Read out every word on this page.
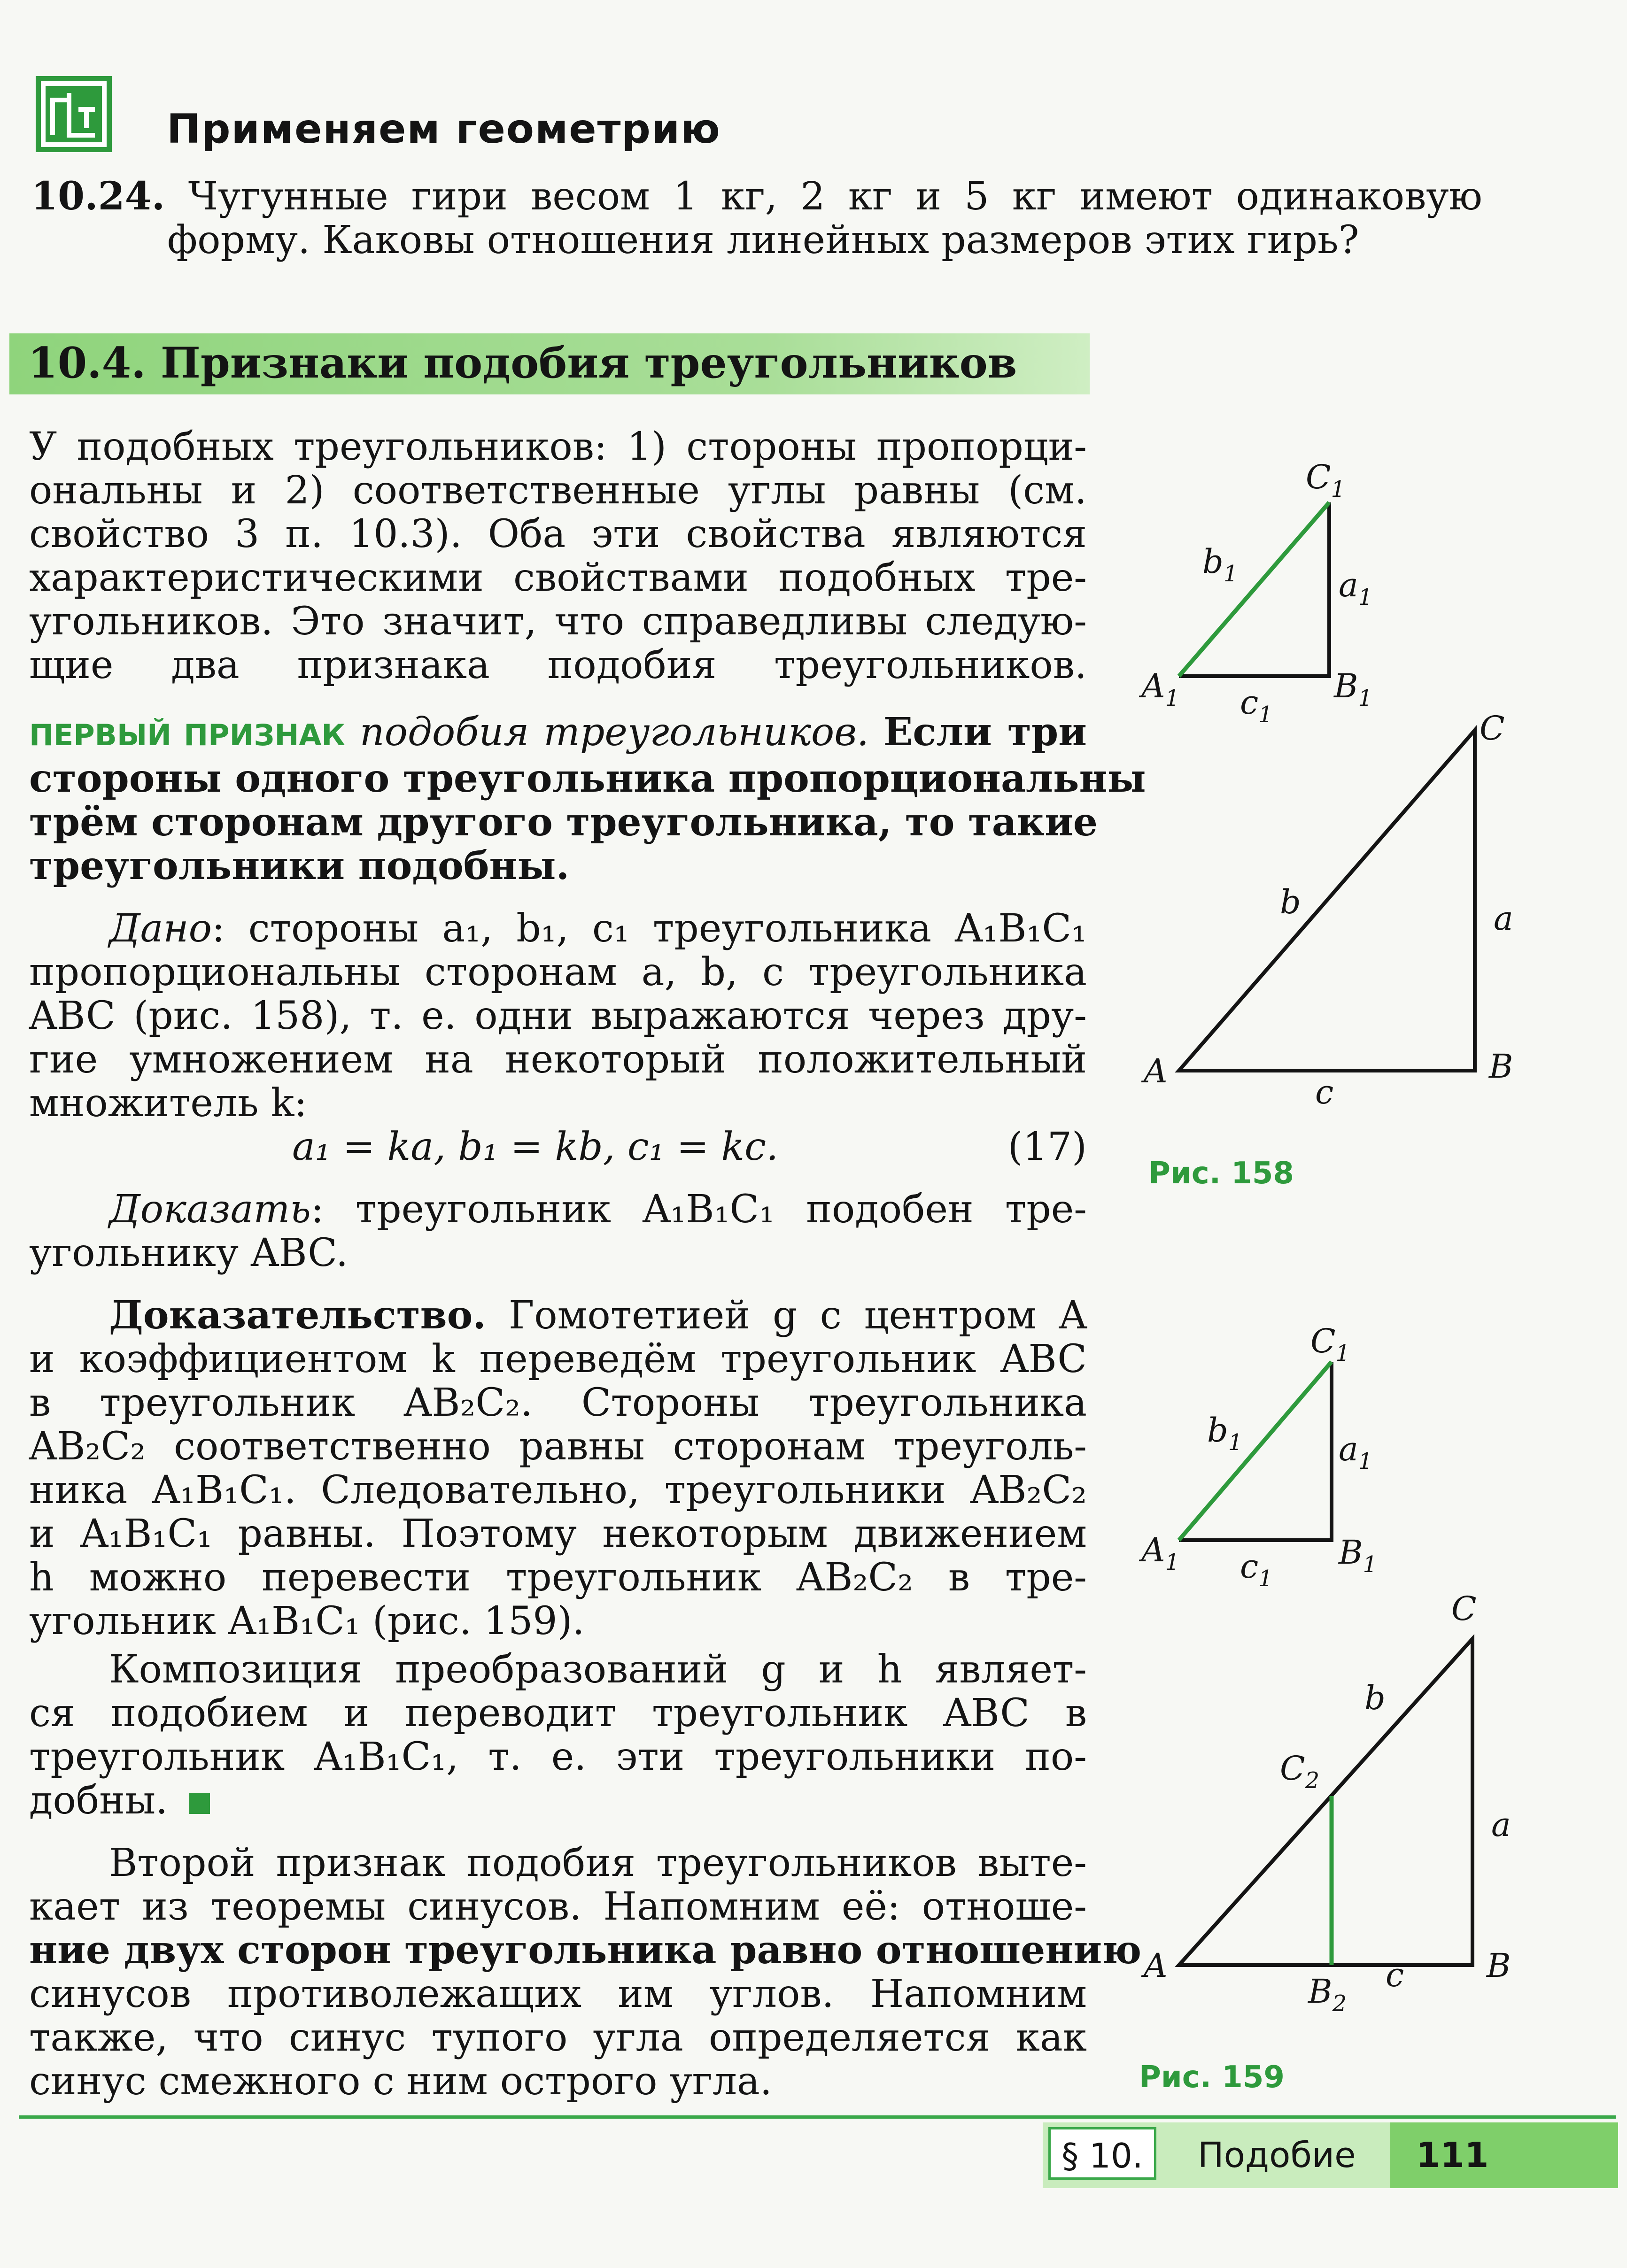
Применяем геометрию
10.24. Чугунные гири весом 1 кг, 2 кг и 5 кг имеют одинаковую
форму. Каковы отношения линейных размеров этих гирь?
10.4. Признаки подобия треугольников
У подобных треугольников: 1) стороны пропорци-
ональны и 2) соответственные углы равны (см.
свойство 3 п. 10.3). Оба эти свойства являются
характеристическими свойствами подобных тре-
угольников. Это значит, что справедливы следую-
щие два признака подобия треугольников.
ПЕРВЫЙ ПРИЗНАК подобия треугольников. Если три
стороны одного треугольника пропорциональны
трём сторонам другого треугольника, то такие
треугольники подобны.
Дано: стороны a₁, b₁, c₁ треугольника A₁B₁C₁
пропорциональны сторонам a, b, c треугольника
ABC (рис. 158), т. е. одни выражаются через дру-
гие умножением на некоторый положительный
множитель k:
a₁ = ka, b₁ = kb, c₁ = kc.	(17)
Доказать: треугольник A₁B₁C₁ подобен тре-
угольнику ABC.
Доказательство. Гомотетией g с центром A
и коэффициентом k переведём треугольник ABC
в треугольник AB₂C₂. Стороны треугольника
AB₂C₂ соответственно равны сторонам треуголь-
ника A₁B₁C₁. Следовательно, треугольники AB₂C₂
и A₁B₁C₁ равны. Поэтому некоторым движением
h можно перевести треугольник AB₂C₂ в тре-
угольник A₁B₁C₁ (рис. 159).
Композиция преобразований g и h являет-
ся подобием и переводит треугольник ABC в
треугольник A₁B₁C₁, т. е. эти треугольники по-
добны.
Второй признак подобия треугольников выте-
кает из теоремы синусов. Напомним её: отноше-
ние двух сторон треугольника равно отношению
синусов противолежащих им углов. Напомним
также, что синус тупого угла определяется как
синус смежного с ним острого угла.
$C_1$
$b_1$	$a_1$
$A_1$ $c_1$
$B_1$
C
b	a
A
c
B
Рис. 158
$C_1$
$b_1$	$a_1$
$A_1$ $c_1$
$B_1$
C
b
$C_2$
a
A
$B_2$
c	B
Рис. 159
§ 10.	Подобие 111
